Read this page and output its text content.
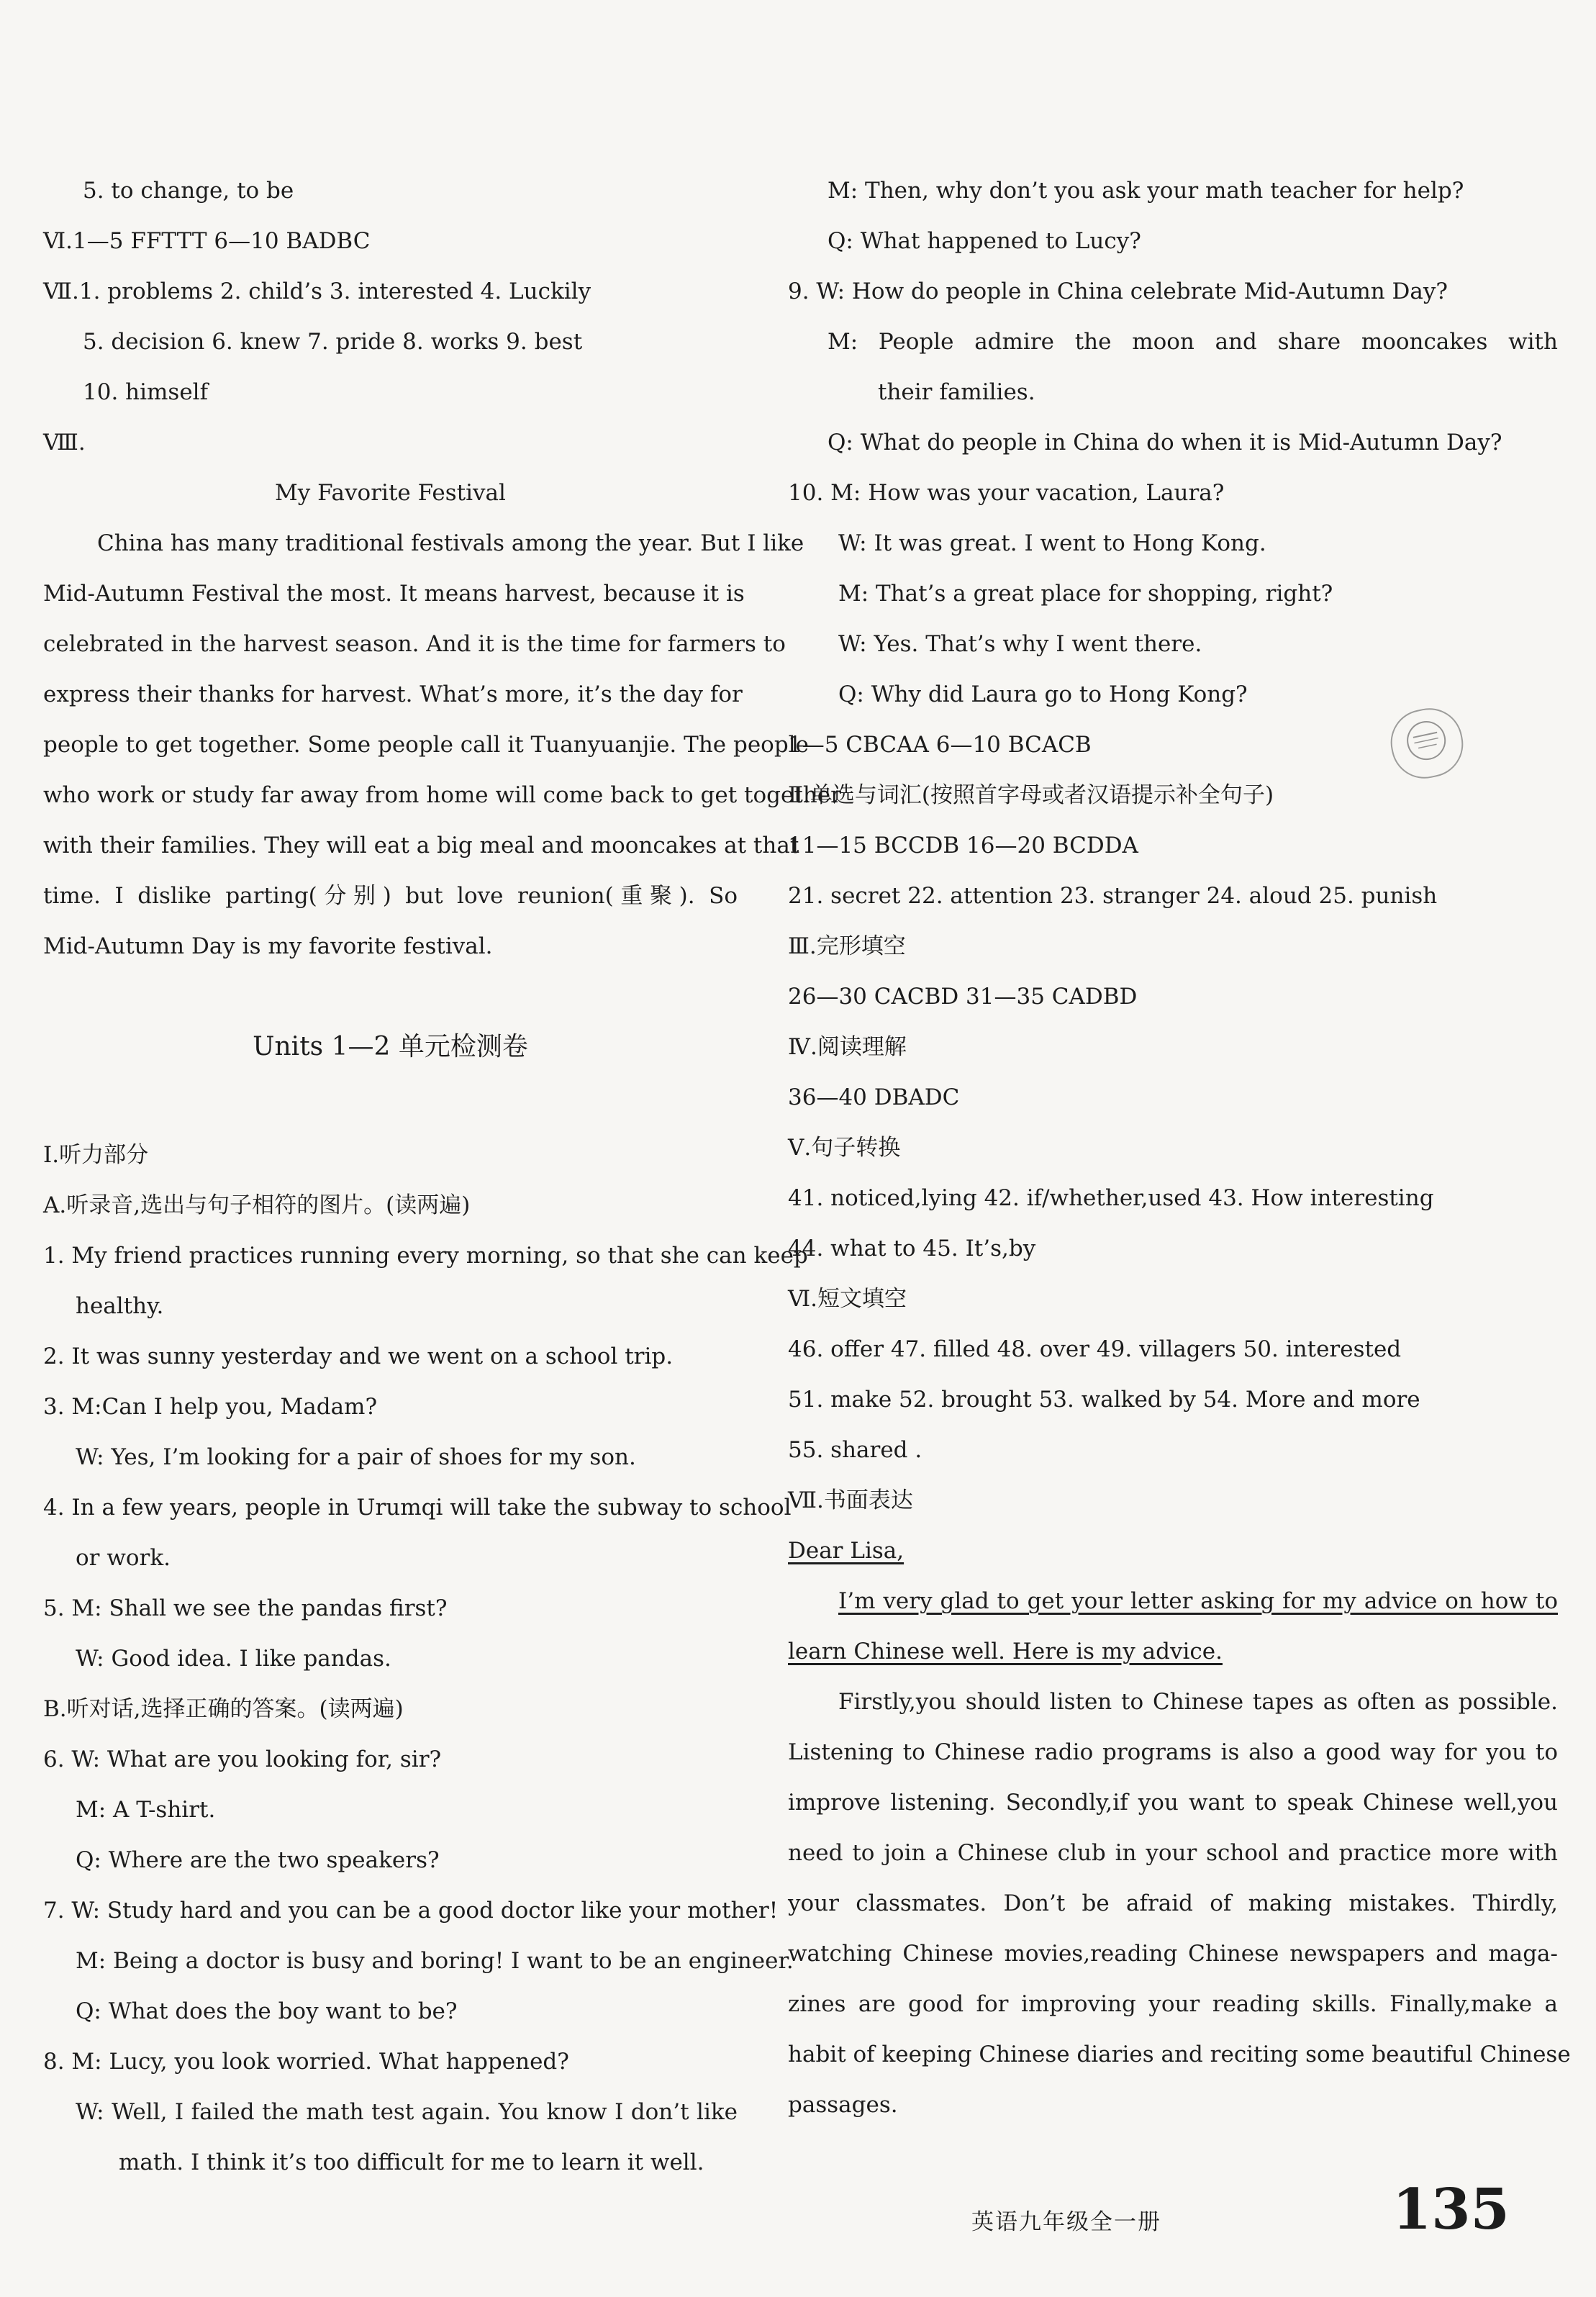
5. to change, to be
Ⅵ.1—5 FFTTT 6—10 BADBC
Ⅶ.1. problems 2. child’s 3. interested 4. Luckily
5. decision 6. knew 7. pride 8. works 9. best
10. himself
Ⅷ.
My Favorite Festival
China has many traditional festivals among the year. But I like
Mid-Autumn Festival the most. It means harvest, because it is
celebrated in the harvest season. And it is the time for farmers to
express their thanks for harvest. What’s more, it’s the day for
people to get together. Some people call it Tuanyuanjie. The people
who work or study far away from home will come back to get together
with their families. They will eat a big meal and mooncakes at that
time. I dislike parting(分别) but love reunion(重聚). So
Mid-Autumn Day is my favorite festival.
Units 1—2 单元检测卷
Ⅰ.听力部分
A.听录音,选出与句子相符的图片。(读两遍)
1. My friend practices running every morning, so that she can keep
healthy.
2. It was sunny yesterday and we went on a school trip.
3. M:Can I help you, Madam?
W: Yes, I’m looking for a pair of shoes for my son.
4. In a few years, people in Urumqi will take the subway to school
or work.
5. M: Shall we see the pandas first?
W: Good idea. I like pandas.
B.听对话,选择正确的答案。(读两遍)
6. W: What are you looking for, sir?
M: A T-shirt.
Q: Where are the two speakers?
7. W: Study hard and you can be a good doctor like your mother!
M: Being a doctor is busy and boring! I want to be an engineer.
Q: What does the boy want to be?
8. M: Lucy, you look worried. What happened?
W: Well, I failed the math test again. You know I don’t like
math. I think it’s too difficult for me to learn it well.
M: Then, why don’t you ask your math teacher for help?
Q: What happened to Lucy?
9. W: How do people in China celebrate Mid-Autumn Day?
M: People admire the moon and share mooncakes with
their families.
Q: What do people in China do when it is Mid-Autumn Day?
10. M: How was your vacation, Laura?
W: It was great. I went to Hong Kong.
M: That’s a great place for shopping, right?
W: Yes. That’s why I went there.
Q: Why did Laura go to Hong Kong?
1—5 CBCAA 6—10 BCACB
Ⅱ.单选与词汇(按照首字母或者汉语提示补全句子)
11—15 BCCDB 16—20 BCDDA
21. secret 22. attention 23. stranger 24. aloud 25. punish
Ⅲ.完形填空
26—30 CACBD 31—35 CADBD
Ⅳ.阅读理解
36—40 DBADC
Ⅴ.句子转换
41. noticed,lying 42. if/whether,used 43. How interesting
44. what to 45. It’s,by
Ⅵ.短文填空
46. offer 47. filled 48. over 49. villagers 50. interested
51. make 52. brought 53. walked by 54. More and more
55. shared .
Ⅶ.书面表达
Dear Lisa,
I’m very glad to get your letter asking for my advice on how to
learn Chinese well. Here is my advice.
Firstly,you should listen to Chinese tapes as often as possible.
Listening to Chinese radio programs is also a good way for you to
improve listening. Secondly,if you want to speak Chinese well,you
need to join a Chinese club in your school and practice more with
your classmates. Don’t be afraid of making mistakes. Thirdly,
watching Chinese movies,reading Chinese newspapers and maga-
zines are good for improving your reading skills. Finally,make a
habit of keeping Chinese diaries and reciting some beautiful Chinese
passages.
英语九年级全一册	135
